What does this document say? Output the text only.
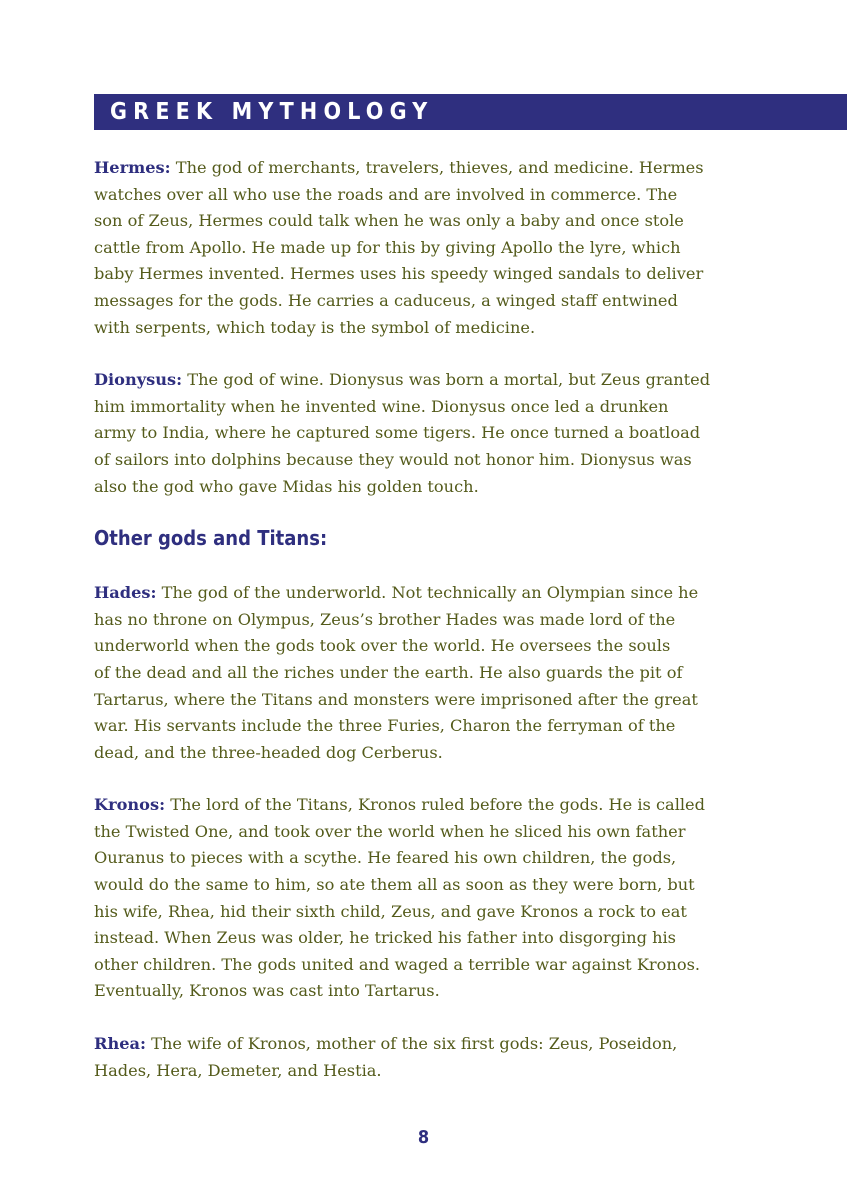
GREEK MYTHOLOGY

Hermes: The god of merchants, travelers, thieves, and medicine. Hermes
watches over all who use the roads and are involved in commerce. The
son of Zeus, Hermes could talk when he was only a baby and once stole
cattle from Apollo. He made up for this by giving Apollo the lyre, which
baby Hermes invented. Hermes uses his speedy winged sandals to deliver
messages for the gods. He carries a caduceus, a winged staff entwined
with serpents, which today is the symbol of medicine.

Dionysus: The god of wine. Dionysus was born a mortal, but Zeus granted
him immortality when he invented wine. Dionysus once led a drunken
army to India, where he captured some tigers. He once turned a boatload
of sailors into dolphins because they would not honor him. Dionysus was
also the god who gave Midas his golden touch.

Other gods and Titans:

Hades: The god of the underworld. Not technically an Olympian since he
has no throne on Olympus, Zeus’s brother Hades was made lord of the
underworld when the gods took over the world. He oversees the souls
of the dead and all the riches under the earth. He also guards the pit of
Tartarus, where the Titans and monsters were imprisoned after the great
war. His servants include the three Furies, Charon the ferryman of the
dead, and the three-headed dog Cerberus.

Kronos: The lord of the Titans, Kronos ruled before the gods. He is called
the Twisted One, and took over the world when he sliced his own father
Ouranus to pieces with a scythe. He feared his own children, the gods,
would do the same to him, so ate them all as soon as they were born, but
his wife, Rhea, hid their sixth child, Zeus, and gave Kronos a rock to eat
instead. When Zeus was older, he tricked his father into disgorging his
other children. The gods united and waged a terrible war against Kronos.
Eventually, Kronos was cast into Tartarus.

Rhea: The wife of Kronos, mother of the six first gods: Zeus, Poseidon,
Hades, Hera, Demeter, and Hestia.

8
